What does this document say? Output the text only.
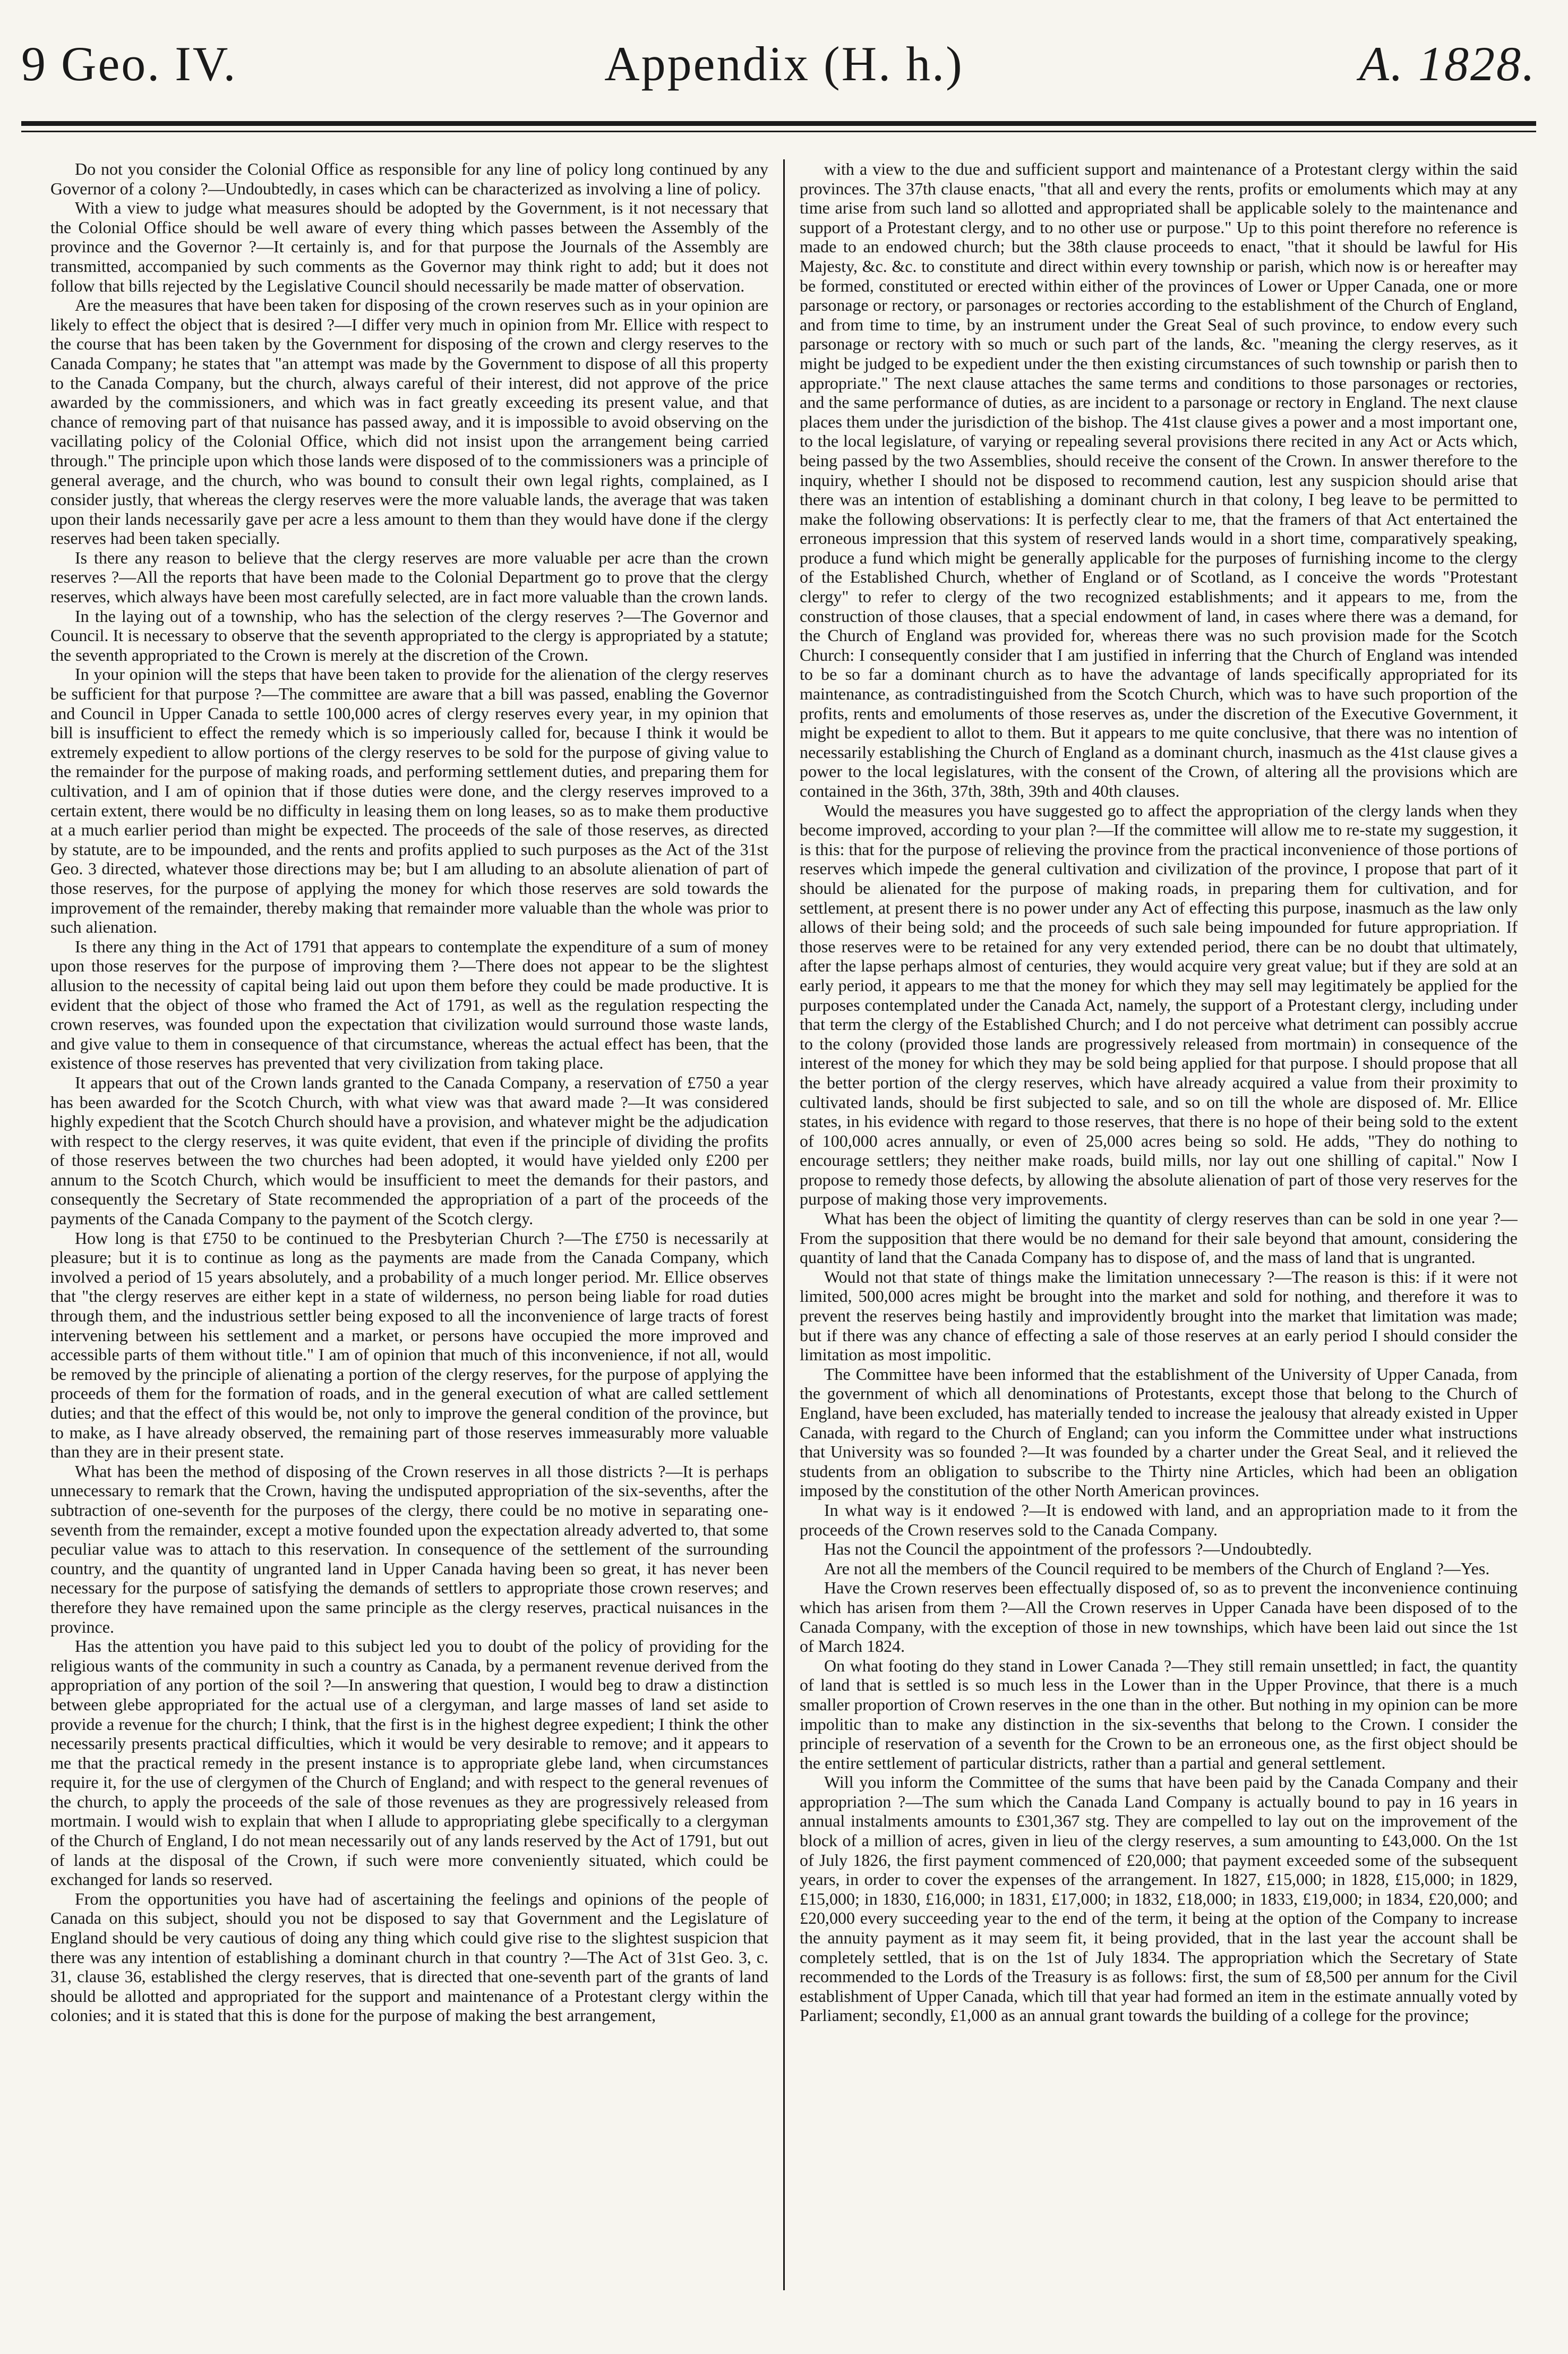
9 Geo. IV.	Appendix (H. h.)	A. 1828.

Do not you consider the Colonial Office as responsible for any line of policy long continued by any Governor of a colony ?—Undoubtedly, in cases which can be characterized as involving a line of policy.

With a view to judge what measures should be adopted by the Government, is it not necessary that the Colonial Office should be well aware of every thing which passes between the Assembly of the province and the Governor ?—It certainly is, and for that purpose the Journals of the Assembly are transmitted, accompanied by such comments as the Governor may think right to add; but it does not follow that bills rejected by the Legislative Council should necessarily be made matter of observation.

Are the measures that have been taken for disposing of the crown reserves such as in your opinion are likely to effect the object that is desired ?—I differ very much in opinion from Mr. Ellice with respect to the course that has been taken by the Government for disposing of the crown and clergy reserves to the Canada Company; he states that "an attempt was made by the Government to dispose of all this property to the Canada Company, but the church, always careful of their interest, did not approve of the price awarded by the commissioners, and which was in fact greatly exceeding its present value, and that chance of removing part of that nuisance has passed away, and it is impossible to avoid observing on the vacillating policy of the Colonial Office, which did not insist upon the arrangement being carried through." The principle upon which those lands were disposed of to the commissioners was a principle of general average, and the church, who was bound to consult their own legal rights, complained, as I consider justly, that whereas the clergy reserves were the more valuable lands, the average that was taken upon their lands necessarily gave per acre a less amount to them than they would have done if the clergy reserves had been taken specially.

Is there any reason to believe that the clergy reserves are more valuable per acre than the crown reserves ?—All the reports that have been made to the Colonial Department go to prove that the clergy reserves, which always have been most carefully selected, are in fact more valuable than the crown lands.

In the laying out of a township, who has the selection of the clergy reserves ?—The Governor and Council. It is necessary to observe that the seventh appropriated to the clergy is appropriated by a statute; the seventh appropriated to the Crown is merely at the discretion of the Crown.

In your opinion will the steps that have been taken to provide for the alienation of the clergy reserves be sufficient for that purpose ?—The committee are aware that a bill was passed, enabling the Governor and Council in Upper Canada to settle 100,000 acres of clergy reserves every year, in my opinion that bill is insufficient to effect the remedy which is so imperiously called for, because I think it would be extremely expedient to allow portions of the clergy reserves to be sold for the purpose of giving value to the remainder for the purpose of making roads, and performing settlement duties, and preparing them for cultivation, and I am of opinion that if those duties were done, and the clergy reserves improved to a certain extent, there would be no difficulty in leasing them on long leases, so as to make them productive at a much earlier period than might be expected. The proceeds of the sale of those reserves, as directed by statute, are to be impounded, and the rents and profits applied to such purposes as the Act of the 31st Geo. 3 directed, whatever those directions may be; but I am alluding to an absolute alienation of part of those reserves, for the purpose of applying the money for which those reserves are sold towards the improvement of the remainder, thereby making that remainder more valuable than the whole was prior to such alienation.

Is there any thing in the Act of 1791 that appears to contemplate the expenditure of a sum of money upon those reserves for the purpose of improving them ?—There does not appear to be the slightest allusion to the necessity of capital being laid out upon them before they could be made productive. It is evident that the object of those who framed the Act of 1791, as well as the regulation respecting the crown reserves, was founded upon the expectation that civilization would surround those waste lands, and give value to them in consequence of that circumstance, whereas the actual effect has been, that the existence of those reserves has prevented that very civilization from taking place.

It appears that out of the Crown lands granted to the Canada Company, a reservation of £750 a year has been awarded for the Scotch Church, with what view was that award made ?—It was considered highly expedient that the Scotch Church should have a provision, and whatever might be the adjudication with respect to the clergy reserves, it was quite evident, that even if the principle of dividing the profits of those reserves between the two churches had been adopted, it would have yielded only £200 per annum to the Scotch Church, which would be insufficient to meet the demands for their pastors, and consequently the Secretary of State recommended the appropriation of a part of the proceeds of the payments of the Canada Company to the payment of the Scotch clergy.

How long is that £750 to be continued to the Presbyterian Church ?—The £750 is necessarily at pleasure; but it is to continue as long as the payments are made from the Canada Company, which involved a period of 15 years absolutely, and a probability of a much longer period. Mr. Ellice observes that "the clergy reserves are either kept in a state of wilderness, no person being liable for road duties through them, and the industrious settler being exposed to all the inconvenience of large tracts of forest intervening between his settlement and a market, or persons have occupied the more improved and accessible parts of them without title." I am of opinion that much of this inconvenience, if not all, would be removed by the principle of alienating a portion of the clergy reserves, for the purpose of applying the proceeds of them for the formation of roads, and in the general execution of what are called settlement duties; and that the effect of this would be, not only to improve the general condition of the province, but to make, as I have already observed, the remaining part of those reserves immeasurably more valuable than they are in their present state.

What has been the method of disposing of the Crown reserves in all those districts ?—It is perhaps unnecessary to remark that the Crown, having the undisputed appropriation of the six-sevenths, after the subtraction of one-seventh for the purposes of the clergy, there could be no motive in separating one-seventh from the remainder, except a motive founded upon the expectation already adverted to, that some peculiar value was to attach to this reservation. In consequence of the settlement of the surrounding country, and the quantity of ungranted land in Upper Canada having been so great, it has never been necessary for the purpose of satisfying the demands of settlers to appropriate those crown reserves; and therefore they have remained upon the same principle as the clergy reserves, practical nuisances in the province.

Has the attention you have paid to this subject led you to doubt of the policy of providing for the religious wants of the community in such a country as Canada, by a permanent revenue derived from the appropriation of any portion of the soil ?—In answering that question, I would beg to draw a distinction between glebe appropriated for the actual use of a clergyman, and large masses of land set aside to provide a revenue for the church; I think, that the first is in the highest degree expedient; I think the other necessarily presents practical difficulties, which it would be very desirable to remove; and it appears to me that the practical remedy in the present instance is to appropriate glebe land, when circumstances require it, for the use of clergymen of the Church of England; and with respect to the general revenues of the church, to apply the proceeds of the sale of those revenues as they are progressively released from mortmain. I would wish to explain that when I allude to appropriating glebe specifically to a clergyman of the Church of England, I do not mean necessarily out of any lands reserved by the Act of 1791, but out of lands at the disposal of the Crown, if such were more conveniently situated, which could be exchanged for lands so reserved.

From the opportunities you have had of ascertaining the feelings and opinions of the people of Canada on this subject, should you not be disposed to say that Government and the Legislature of England should be very cautious of doing any thing which could give rise to the slightest suspicion that there was any intention of establishing a dominant church in that country ?—The Act of 31st Geo. 3, c. 31, clause 36, established the clergy reserves, that is directed that one-seventh part of the grants of land should be allotted and appropriated for the support and maintenance of a Protestant clergy within the colonies; and it is stated that this is done for the purpose of making the best arrangement,

with a view to the due and sufficient support and maintenance of a Protestant clergy within the said provinces. The 37th clause enacts, "that all and every the rents, profits or emoluments which may at any time arise from such land so allotted and appropriated shall be applicable solely to the maintenance and support of a Protestant clergy, and to no other use or purpose." Up to this point therefore no reference is made to an endowed church; but the 38th clause proceeds to enact, "that it should be lawful for His Majesty, &c. &c. to constitute and direct within every township or parish, which now is or hereafter may be formed, constituted or erected within either of the provinces of Lower or Upper Canada, one or more parsonage or rectory, or parsonages or rectories according to the establishment of the Church of England, and from time to time, by an instrument under the Great Seal of such province, to endow every such parsonage or rectory with so much or such part of the lands, &c. "meaning the clergy reserves, as it might be judged to be expedient under the then existing circumstances of such township or parish then to appropriate." The next clause attaches the same terms and conditions to those parsonages or rectories, and the same performance of duties, as are incident to a parsonage or rectory in England. The next clause places them under the jurisdiction of the bishop. The 41st clause gives a power and a most important one, to the local legislature, of varying or repealing several provisions there recited in any Act or Acts which, being passed by the two Assemblies, should receive the consent of the Crown. In answer therefore to the inquiry, whether I should not be disposed to recommend caution, lest any suspicion should arise that there was an intention of establishing a dominant church in that colony, I beg leave to be permitted to make the following observations: It is perfectly clear to me, that the framers of that Act entertained the erroneous impression that this system of reserved lands would in a short time, comparatively speaking, produce a fund which might be generally applicable for the purposes of furnishing income to the clergy of the Established Church, whether of England or of Scotland, as I conceive the words "Protestant clergy" to refer to clergy of the two recognized establishments; and it appears to me, from the construction of those clauses, that a special endowment of land, in cases where there was a demand, for the Church of England was provided for, whereas there was no such provision made for the Scotch Church: I consequently consider that I am justified in inferring that the Church of England was intended to be so far a dominant church as to have the advantage of lands specifically appropriated for its maintenance, as contradistinguished from the Scotch Church, which was to have such proportion of the profits, rents and emoluments of those reserves as, under the discretion of the Executive Government, it might be expedient to allot to them. But it appears to me quite conclusive, that there was no intention of necessarily establishing the Church of England as a dominant church, inasmuch as the 41st clause gives a power to the local legislatures, with the consent of the Crown, of altering all the provisions which are contained in the 36th, 37th, 38th, 39th and 40th clauses.

Would the measures you have suggested go to affect the appropriation of the clergy lands when they become improved, according to your plan ?—If the committee will allow me to re-state my suggestion, it is this: that for the purpose of relieving the province from the practical inconvenience of those portions of reserves which impede the general cultivation and civilization of the province, I propose that part of it should be alienated for the purpose of making roads, in preparing them for cultivation, and for settlement, at present there is no power under any Act of effecting this purpose, inasmuch as the law only allows of their being sold; and the proceeds of such sale being impounded for future appropriation. If those reserves were to be retained for any very extended period, there can be no doubt that ultimately, after the lapse perhaps almost of centuries, they would acquire very great value; but if they are sold at an early period, it appears to me that the money for which they may sell may legitimately be applied for the purposes contemplated under the Canada Act, namely, the support of a Protestant clergy, including under that term the clergy of the Established Church; and I do not perceive what detriment can possibly accrue to the colony (provided those lands are progressively released from mortmain) in consequence of the interest of the money for which they may be sold being applied for that purpose. I should propose that all the better portion of the clergy reserves, which have already acquired a value from their proximity to cultivated lands, should be first subjected to sale, and so on till the whole are disposed of. Mr. Ellice states, in his evidence with regard to those reserves, that there is no hope of their being sold to the extent of 100,000 acres annually, or even of 25,000 acres being so sold. He adds, "They do nothing to encourage settlers; they neither make roads, build mills, nor lay out one shilling of capital." Now I propose to remedy those defects, by allowing the absolute alienation of part of those very reserves for the purpose of making those very improvements.

What has been the object of limiting the quantity of clergy reserves than can be sold in one year ?—From the supposition that there would be no demand for their sale beyond that amount, considering the quantity of land that the Canada Company has to dispose of, and the mass of land that is ungranted.

Would not that state of things make the limitation unnecessary ?—The reason is this: if it were not limited, 500,000 acres might be brought into the market and sold for nothing, and therefore it was to prevent the reserves being hastily and improvidently brought into the market that limitation was made; but if there was any chance of effecting a sale of those reserves at an early period I should consider the limitation as most impolitic.

The Committee have been informed that the establishment of the University of Upper Canada, from the government of which all denominations of Protestants, except those that belong to the Church of England, have been excluded, has materially tended to increase the jealousy that already existed in Upper Canada, with regard to the Church of England; can you inform the Committee under what instructions that University was so founded ?—It was founded by a charter under the Great Seal, and it relieved the students from an obligation to subscribe to the Thirty nine Articles, which had been an obligation imposed by the constitution of the other North American provinces.

In what way is it endowed ?—It is endowed with land, and an appropriation made to it from the proceeds of the Crown reserves sold to the Canada Company.

Has not the Council the appointment of the professors ?—Undoubtedly.

Are not all the members of the Council required to be members of the Church of England ?—Yes.

Have the Crown reserves been effectually disposed of, so as to prevent the inconvenience continuing which has arisen from them ?—All the Crown reserves in Upper Canada have been disposed of to the Canada Company, with the exception of those in new townships, which have been laid out since the 1st of March 1824.

On what footing do they stand in Lower Canada ?—They still remain unsettled; in fact, the quantity of land that is settled is so much less in the Lower than in the Upper Province, that there is a much smaller proportion of Crown reserves in the one than in the other. But nothing in my opinion can be more impolitic than to make any distinction in the six-sevenths that belong to the Crown. I consider the principle of reservation of a seventh for the Crown to be an erroneous one, as the first object should be the entire settlement of particular districts, rather than a partial and general settlement.

Will you inform the Committee of the sums that have been paid by the Canada Company and their appropriation ?—The sum which the Canada Land Company is actually bound to pay in 16 years in annual instalments amounts to £301,367 stg. They are compelled to lay out on the improvement of the block of a million of acres, given in lieu of the clergy reserves, a sum amounting to £43,000. On the 1st of July 1826, the first payment commenced of £20,000; that payment exceeded some of the subsequent years, in order to cover the expenses of the arrangement. In 1827, £15,000; in 1828, £15,000; in 1829, £15,000; in 1830, £16,000; in 1831, £17,000; in 1832, £18,000; in 1833, £19,000; in 1834, £20,000; and £20,000 every succeeding year to the end of the term, it being at the option of the Company to increase the annuity payment as it may seem fit, it being provided, that in the last year the account shall be completely settled, that is on the 1st of July 1834. The appropriation which the Secretary of State recommended to the Lords of the Treasury is as follows: first, the sum of £8,500 per annum for the Civil establishment of Upper Canada, which till that year had formed an item in the estimate annually voted by Parliament; secondly, £1,000 as an annual grant towards the building of a college for the province;
